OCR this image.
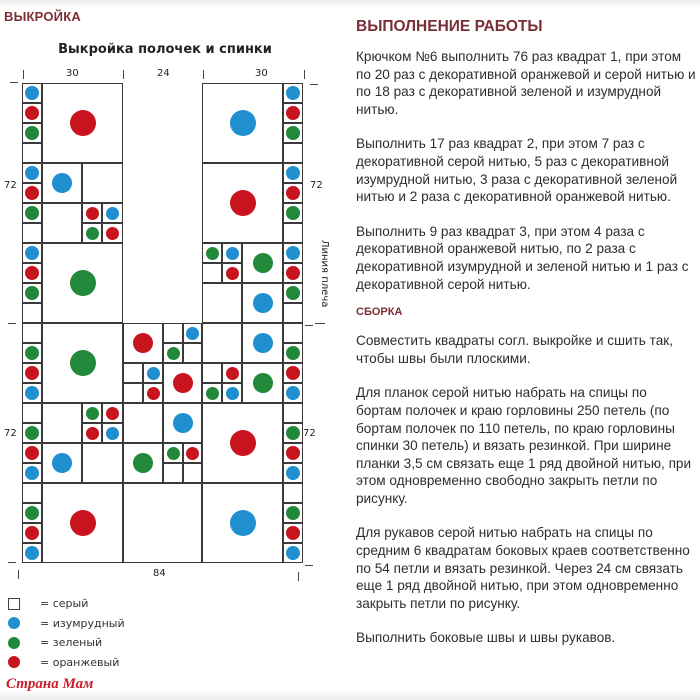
ВЫКРОЙКА
Выкройка полочек и спинки
30	24	30
84
72
72
72
72
Линия плеча
= серый
= изумрудный
= зеленый
= оранжевый
Страна Мам
ВЫПОЛНЕНИЕ РАБОТЫ

Крючком №6 выполнить 76 раз квадрат 1, при этом по 20 раз с декоративной оранжевой и серой нитью и по 18 раз с декоративной зеленой и изумрудной нитью.

Выполнить 17 раз квадрат 2, при этом 7 раз с декоративной серой нитью, 5 раз с декоративной изумрудной нитью, 3 раза с декоративной зеленой нитью и 2 раза с декоративной оранжевой нитью.

Выполнить 9 раз квадрат 3, при этом 4 раза с декоративной оранжевой нитью, по 2 раза с декоративной изумрудной и зеленой нитью и 1 раз с декоративной серой нитью.

СБОРКА

Совместить квадраты согл. выкройке и сшить так, чтобы швы были плоскими.

Для планок серой нитью набрать на спицы по бортам полочек и краю горловины 250 петель (по бортам полочек по 110 петель, по краю горловины спинки 30 петель) и вязать резинкой. При ширине планки 3,5 см связать еще 1 ряд двойной нитью, при этом одновременно свободно закрыть петли по рисунку.

Для рукавов серой нитью набрать на спицы по средним 6 квадратам боковых краев соответственно по 54 петли и вязать резинкой. Через 24 см связать еще 1 ряд двойной нитью, при этом одновременно закрыть петли по рисунку.

Выполнить боковые швы и швы рукавов.
